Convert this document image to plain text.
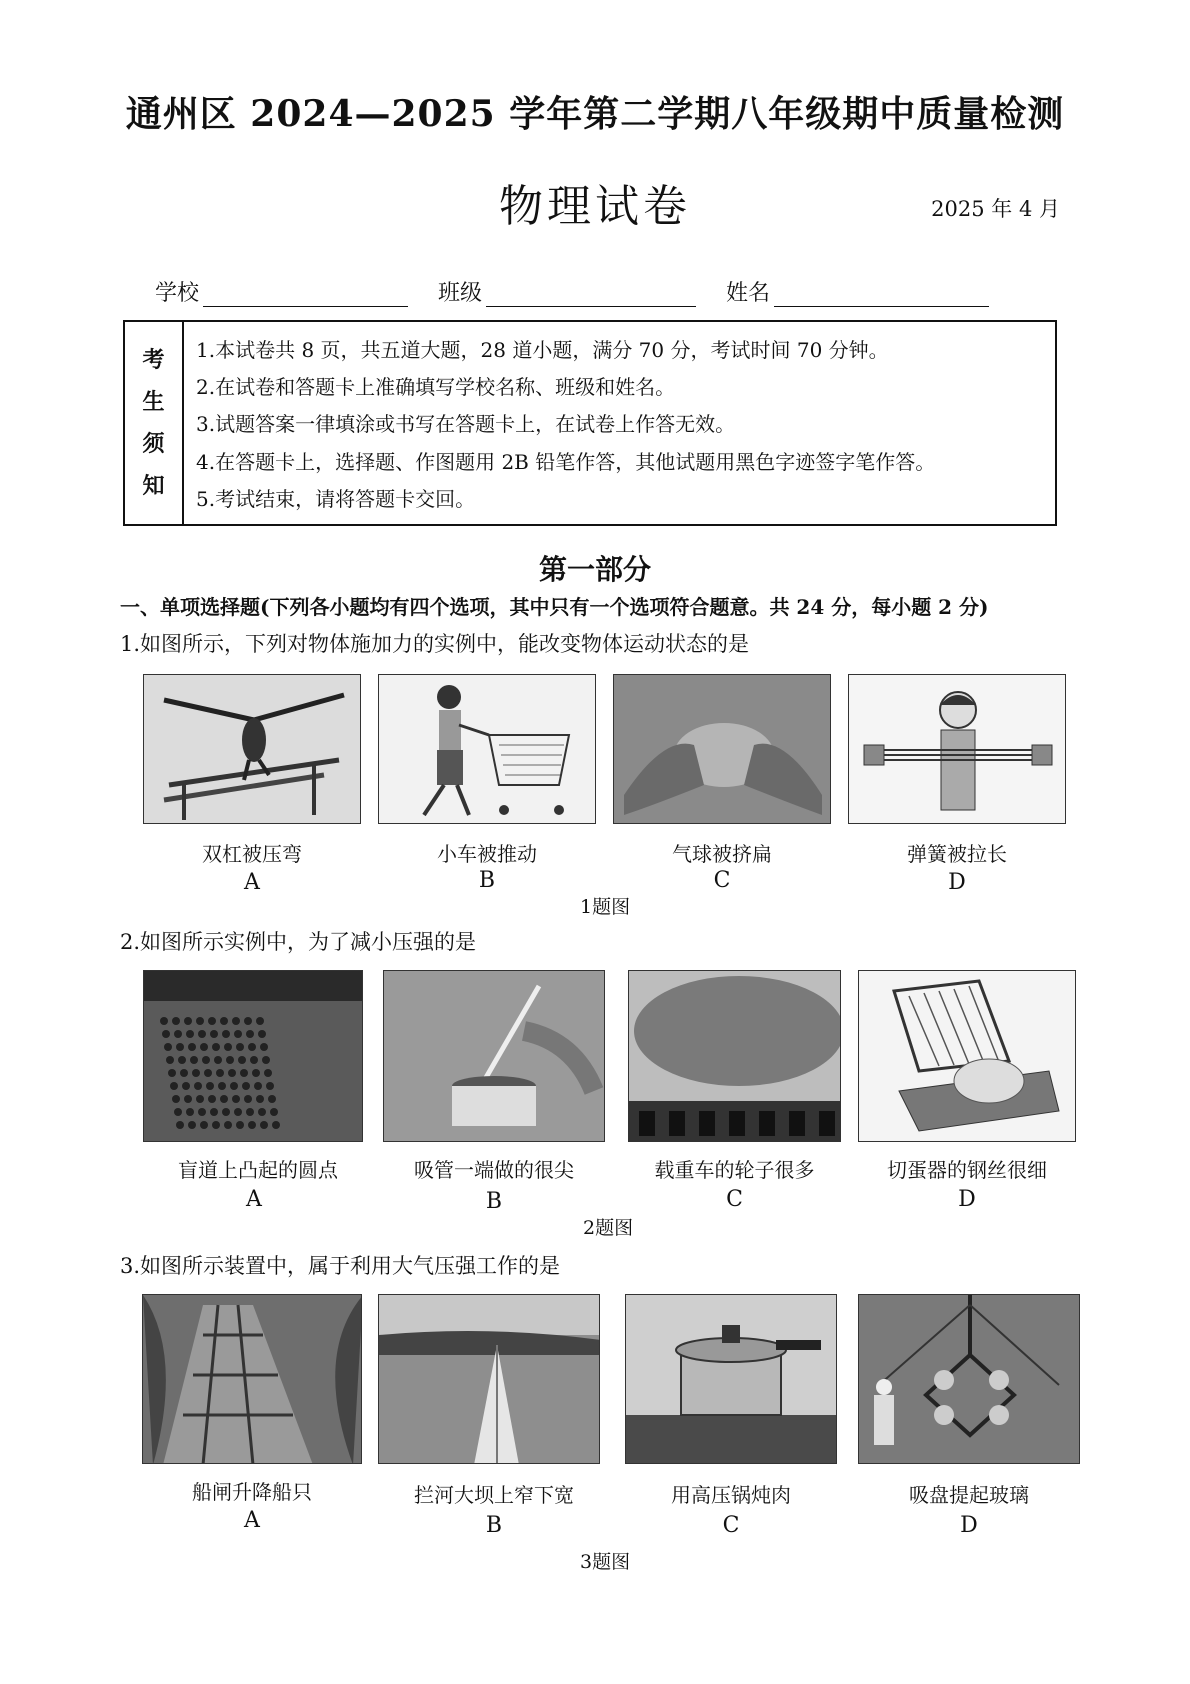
通州区 2024—2025 学年第二学期八年级期中质量检测
物理试卷	2025 年 4 月
学校	班级	姓名
考
生
须
知
1.本试卷共 8 页，共五道大题，28 道小题，满分 70 分，考试时间 70 分钟。
2.在试卷和答题卡上准确填写学校名称、班级和姓名。
3.试题答案一律填涂或书写在答题卡上，在试卷上作答无效。
4.在答题卡上，选择题、作图题用 2B 铅笔作答，其他试题用黑色字迹签字笔作答。
5.考试结束，请将答题卡交回。
第一部分
一、单项选择题(下列各小题均有四个选项，其中只有一个选项符合题意。共 24 分，每小题 2 分)
1.如图所示，下列对物体施加力的实例中，能改变物体运动状态的是
双杠被压弯	小车被推动	气球被挤扁	弹簧被拉长
A	B	C	D
1题图
2.如图所示实例中，为了减小压强的是
盲道上凸起的圆点	吸管一端做的很尖	载重车的轮子很多	切蛋器的钢丝很细
A	B	C	D
2题图
3.如图所示装置中，属于利用大气压强工作的是
船闸升降船只	拦河大坝上窄下宽	用高压锅炖肉	吸盘提起玻璃
A	B	C	D
3题图
